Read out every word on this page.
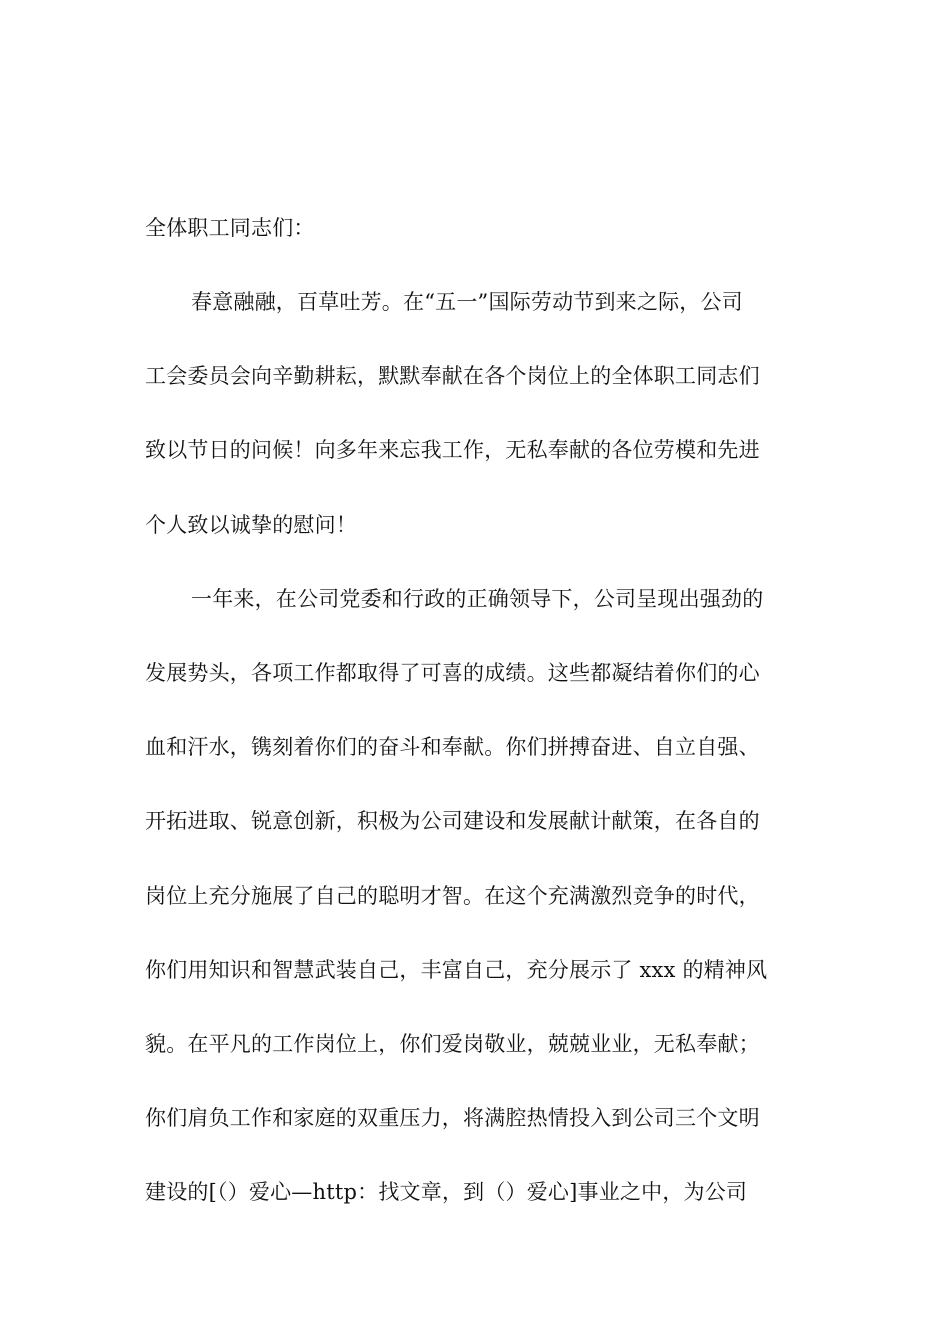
全体职工同志们：
春意融融，百草吐芳。在“五一”国际劳动节到来之际，公司
工会委员会向辛勤耕耘，默默奉献在各个岗位上的全体职工同志们
致以节日的问候！向多年来忘我工作，无私奉献的各位劳模和先进
个人致以诚挚的慰问！
一年来，在公司党委和行政的正确领导下，公司呈现出强劲的
发展势头，各项工作都取得了可喜的成绩。这些都凝结着你们的心
血和汗水，镌刻着你们的奋斗和奉献。你们拼搏奋进、自立自强、
开拓进取、锐意创新，积极为公司建设和发展献计献策，在各自的
岗位上充分施展了自己的聪明才智。在这个充满激烈竞争的时代，
你们用知识和智慧武装自己，丰富自己，充分展示了 xxx 的精神风
貌。在平凡的工作岗位上，你们爱岗敬业，兢兢业业，无私奉献；
你们肩负工作和家庭的双重压力，将满腔热情投入到公司三个文明
建设的[（）爱心—http：找文章，到（）爱心]事业之中，为公司
